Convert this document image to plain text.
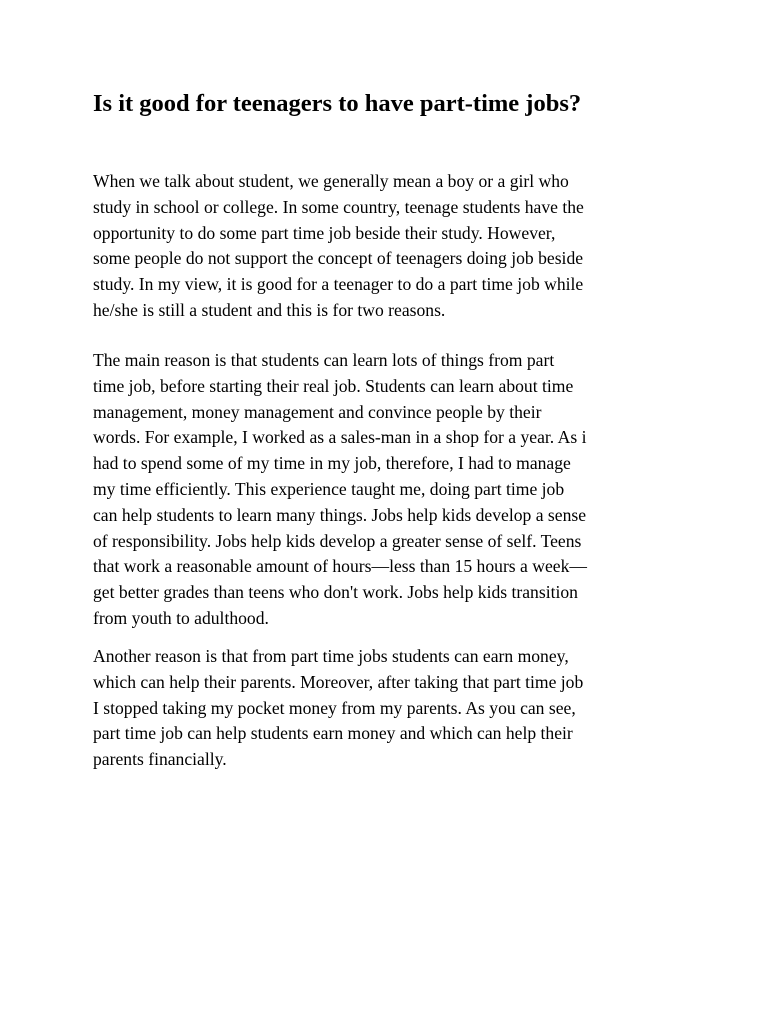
Is it good for teenagers to have part-time jobs?

When we talk about student, we generally mean a boy or a girl who
study in school or college. In some country, teenage students have the
opportunity to do some part time job beside their study. However,
some people do not support the concept of teenagers doing job beside
study. In my view, it is good for a teenager to do a part time job while
he/she is still a student and this is for two reasons.

The main reason is that students can learn lots of things from part
time job, before starting their real job. Students can learn about time
management, money management and convince people by their
words. For example, I worked as a sales-man in a shop for a year. As i
had to spend some of my time in my job, therefore, I had to manage
my time efficiently. This experience taught me, doing part time job
can help students to learn many things. Jobs help kids develop a sense
of responsibility. Jobs help kids develop a greater sense of self. Teens
that work a reasonable amount of hours—less than 15 hours a week—
get better grades than teens who don't work. Jobs help kids transition
from youth to adulthood.

Another reason is that from part time jobs students can earn money,
which can help their parents. Moreover, after taking that part time job
I stopped taking my pocket money from my parents. As you can see,
part time job can help students earn money and which can help their
parents financially.
